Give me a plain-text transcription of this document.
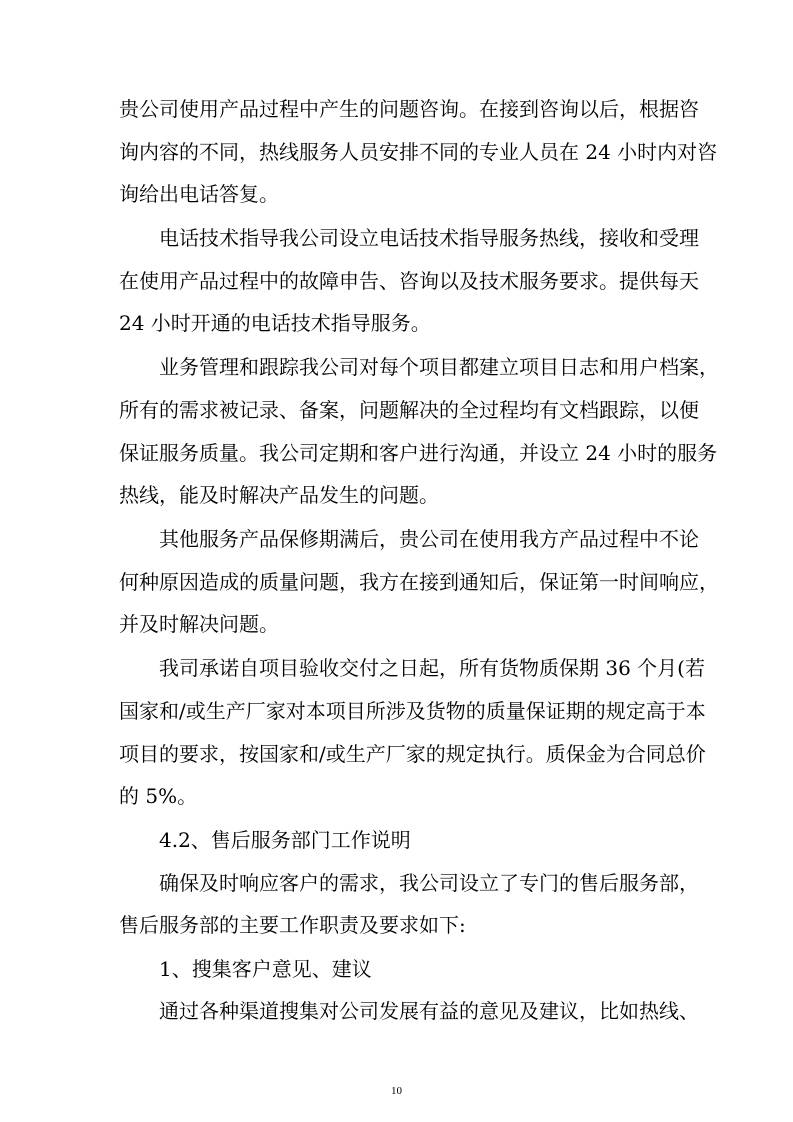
贵公司使用产品过程中产生的问题咨询。在接到咨询以后，根据咨
询内容的不同，热线服务人员安排不同的专业人员在 24 小时内对咨
询给出电话答复。
电话技术指导我公司设立电话技术指导服务热线，接收和受理
在使用产品过程中的故障申告、咨询以及技术服务要求。提供每天
24 小时开通的电话技术指导服务。
业务管理和跟踪我公司对每个项目都建立项目日志和用户档案，
所有的需求被记录、备案，问题解决的全过程均有文档跟踪，以便
保证服务质量。我公司定期和客户进行沟通，并设立 24 小时的服务
热线，能及时解决产品发生的问题。
其他服务产品保修期满后，贵公司在使用我方产品过程中不论
何种原因造成的质量问题，我方在接到通知后，保证第一时间响应，
并及时解决问题。
我司承诺自项目验收交付之日起，所有货物质保期 36 个月(若
国家和/或生产厂家对本项目所涉及货物的质量保证期的规定高于本
项目的要求，按国家和/或生产厂家的规定执行。质保金为合同总价
的 5%。
4.2、售后服务部门工作说明
确保及时响应客户的需求，我公司设立了专门的售后服务部，
售后服务部的主要工作职责及要求如下:
1、搜集客户意见、建议
通过各种渠道搜集对公司发展有益的意见及建议，比如热线、
10
